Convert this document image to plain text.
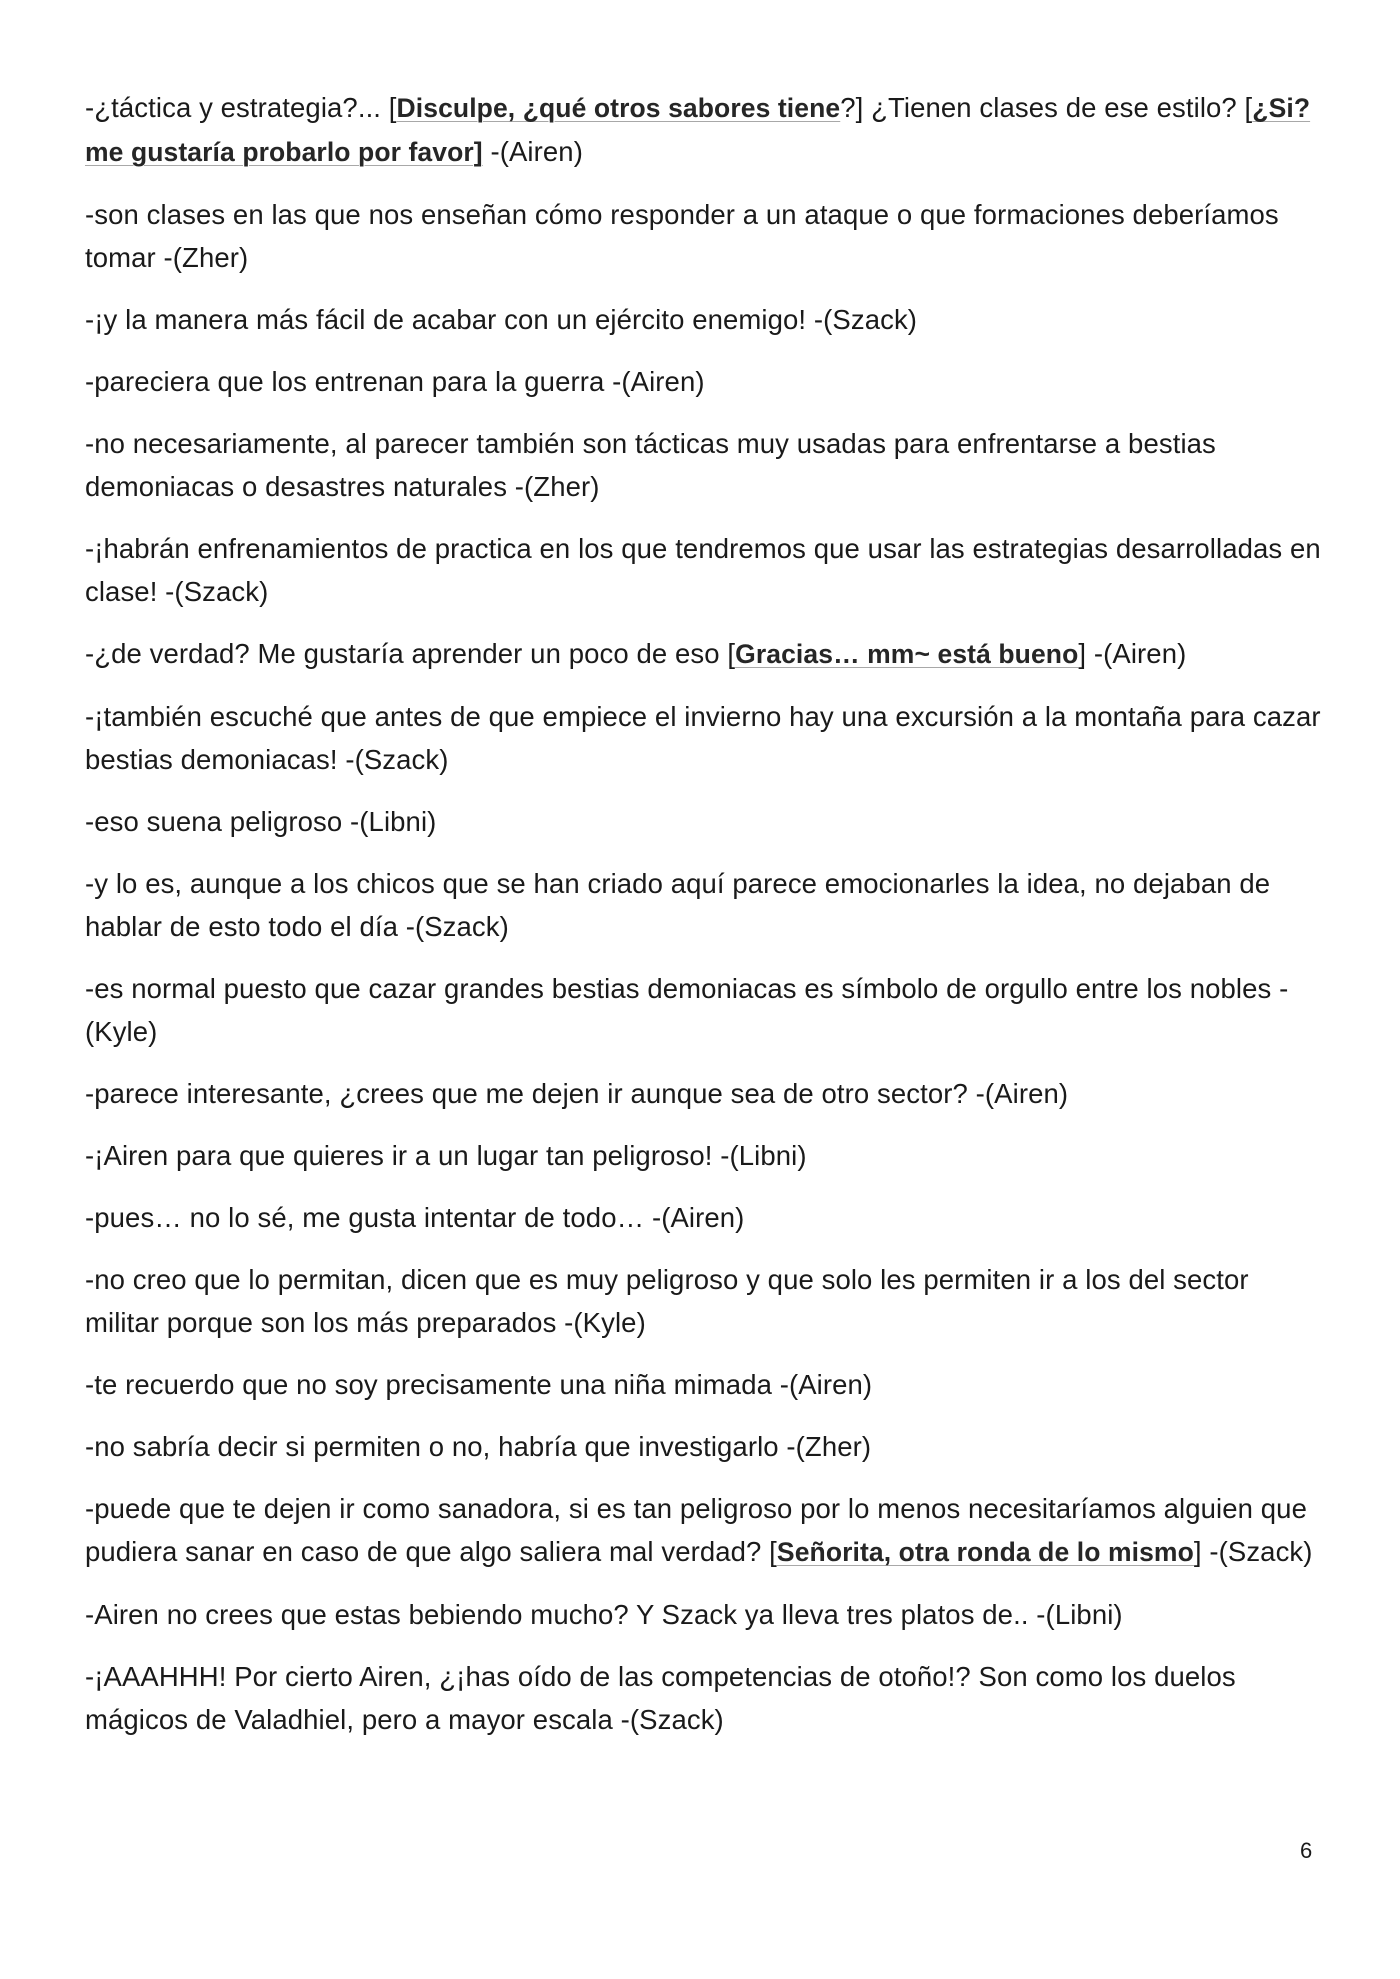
-¿táctica y estrategia?... [Disculpe, ¿qué otros sabores tiene?] ¿Tienen clases de ese estilo? [¿Si? me gustaría probarlo por favor] -(Airen)

-son clases en las que nos enseñan cómo responder a un ataque o que formaciones deberíamos tomar -(Zher)

-¡y la manera más fácil de acabar con un ejército enemigo! -(Szack)

-pareciera que los entrenan para la guerra -(Airen)

-no necesariamente, al parecer también son tácticas muy usadas para enfrentarse a bestias demoniacas o desastres naturales -(Zher)

-¡habrán enfrenamientos de practica en los que tendremos que usar las estrategias desarrolladas en clase! -(Szack)

-¿de verdad? Me gustaría aprender un poco de eso [Gracias… mm~ está bueno] -(Airen)

-¡también escuché que antes de que empiece el invierno hay una excursión a la montaña para cazar bestias demoniacas! -(Szack)

-eso suena peligroso -(Libni)

-y lo es, aunque a los chicos que se han criado aquí parece emocionarles la idea, no dejaban de hablar de esto todo el día -(Szack)

-es normal puesto que cazar grandes bestias demoniacas es símbolo de orgullo entre los nobles -(Kyle)

-parece interesante, ¿crees que me dejen ir aunque sea de otro sector? -(Airen)

-¡Airen para que quieres ir a un lugar tan peligroso! -(Libni)

-pues… no lo sé, me gusta intentar de todo… -(Airen)

-no creo que lo permitan, dicen que es muy peligroso y que solo les permiten ir a los del sector militar porque son los más preparados -(Kyle)

-te recuerdo que no soy precisamente una niña mimada -(Airen)

-no sabría decir si permiten o no, habría que investigarlo -(Zher)

-puede que te dejen ir como sanadora, si es tan peligroso por lo menos necesitaríamos alguien que pudiera sanar en caso de que algo saliera mal verdad? [Señorita, otra ronda de lo mismo] -(Szack)

-Airen no crees que estas bebiendo mucho? Y Szack ya lleva tres platos de.. -(Libni)

-¡AAAHHH! Por cierto Airen, ¿¡has oído de las competencias de otoño!? Son como los duelos mágicos de Valadhiel, pero a mayor escala -(Szack)

6
